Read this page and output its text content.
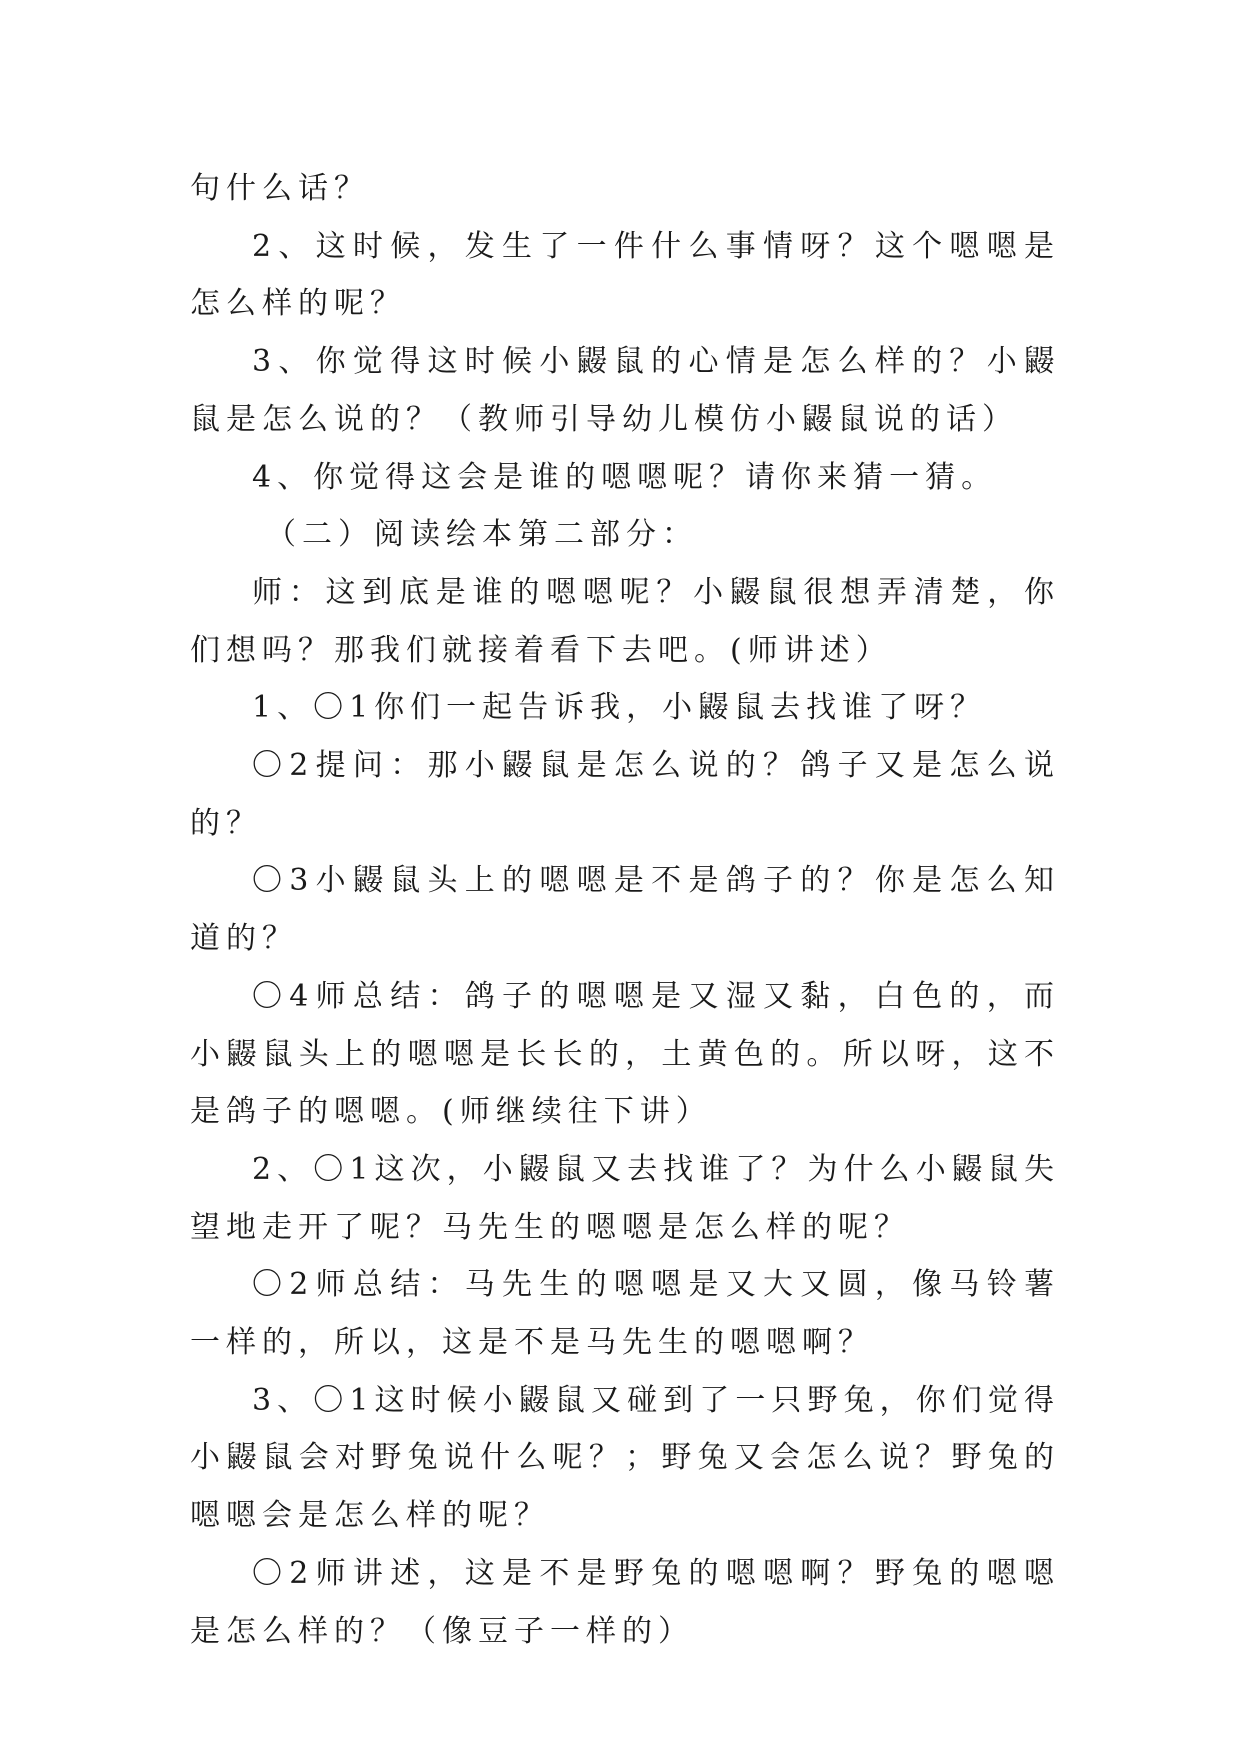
句什么话？

2、这时候，发生了一件什么事情呀？这个嗯嗯是怎么样的呢？

3、你觉得这时候小鼹鼠的心情是怎么样的？小鼹鼠是怎么说的？（教师引导幼儿模仿小鼹鼠说的话）

4、你觉得这会是谁的嗯嗯呢？请你来猜一猜。

（二）阅读绘本第二部分：

师：这到底是谁的嗯嗯呢？小鼹鼠很想弄清楚，你们想吗？那我们就接着看下去吧。(师讲述）

1、〇1你们一起告诉我，小鼹鼠去找谁了呀？

〇2提问：那小鼹鼠是怎么说的？鸽子又是怎么说的？

〇3小鼹鼠头上的嗯嗯是不是鸽子的？你是怎么知道的？

〇4师总结：鸽子的嗯嗯是又湿又黏，白色的，而小鼹鼠头上的嗯嗯是长长的，土黄色的。所以呀，这不是鸽子的嗯嗯。(师继续往下讲）

2、〇1这次，小鼹鼠又去找谁了？为什么小鼹鼠失望地走开了呢？马先生的嗯嗯是怎么样的呢？

〇2师总结：马先生的嗯嗯是又大又圆，像马铃薯一样的，所以，这是不是马先生的嗯嗯啊？

3、〇1这时候小鼹鼠又碰到了一只野兔，你们觉得小鼹鼠会对野兔说什么呢？；野兔又会怎么说？野兔的嗯嗯会是怎么样的呢？

〇2师讲述，这是不是野兔的嗯嗯啊？野兔的嗯嗯是怎么样的？（像豆子一样的）
